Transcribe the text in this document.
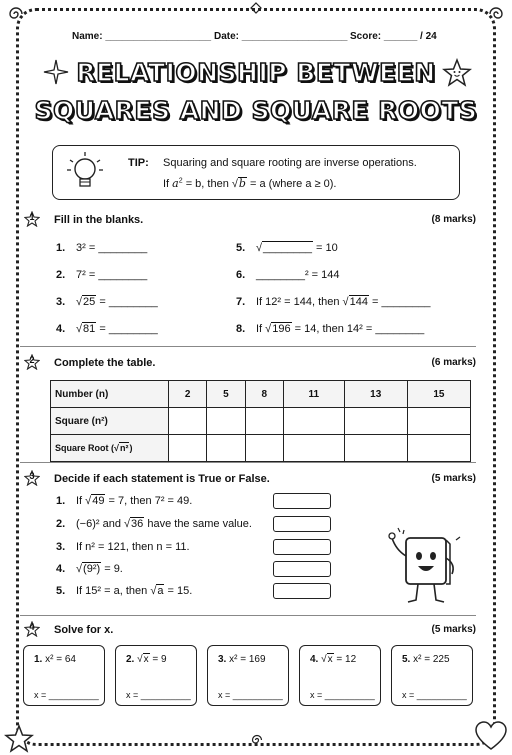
Name: ___________________ Date: ___________________ Score: ______ / 24
RELATIONSHIP BETWEEN
SQUARES AND SQUARE ROOTS
TIP: Squaring and square rooting are inverse operations.
If $a^2 = b$, then √b = a (where a ≥ 0).
1	Fill in the blanks.	(8 marks)
1. 3² = ________
2. 7² = ________
3. √25 = ________
4. √81 = ________
5. √________ = 10
6. ________² = 144
7. If 12² = 144, then √144 = ________
8. If √196 = 14, then 14² = ________
2	Complete the table.	(6 marks)
Number (n)	2	5	8	11	13	15
Square (n²)						
Square Root (√n²)						
3	Decide if each statement is True or False.	(5 marks)
1. If √49 = 7, then 7² = 49.
2. (−6)² and √36 have the same value.
3. If n² = 121, then n = 11.
4. √(9²) = 9.
5. If 15² = a, then √a = 15.
4	Solve for x.	(5 marks)
1. x² = 64
x = __________
2. √x = 9
x = __________
3. x² = 169
x = __________
4. √x = 12
x = __________
5. x² = 225
x = __________
